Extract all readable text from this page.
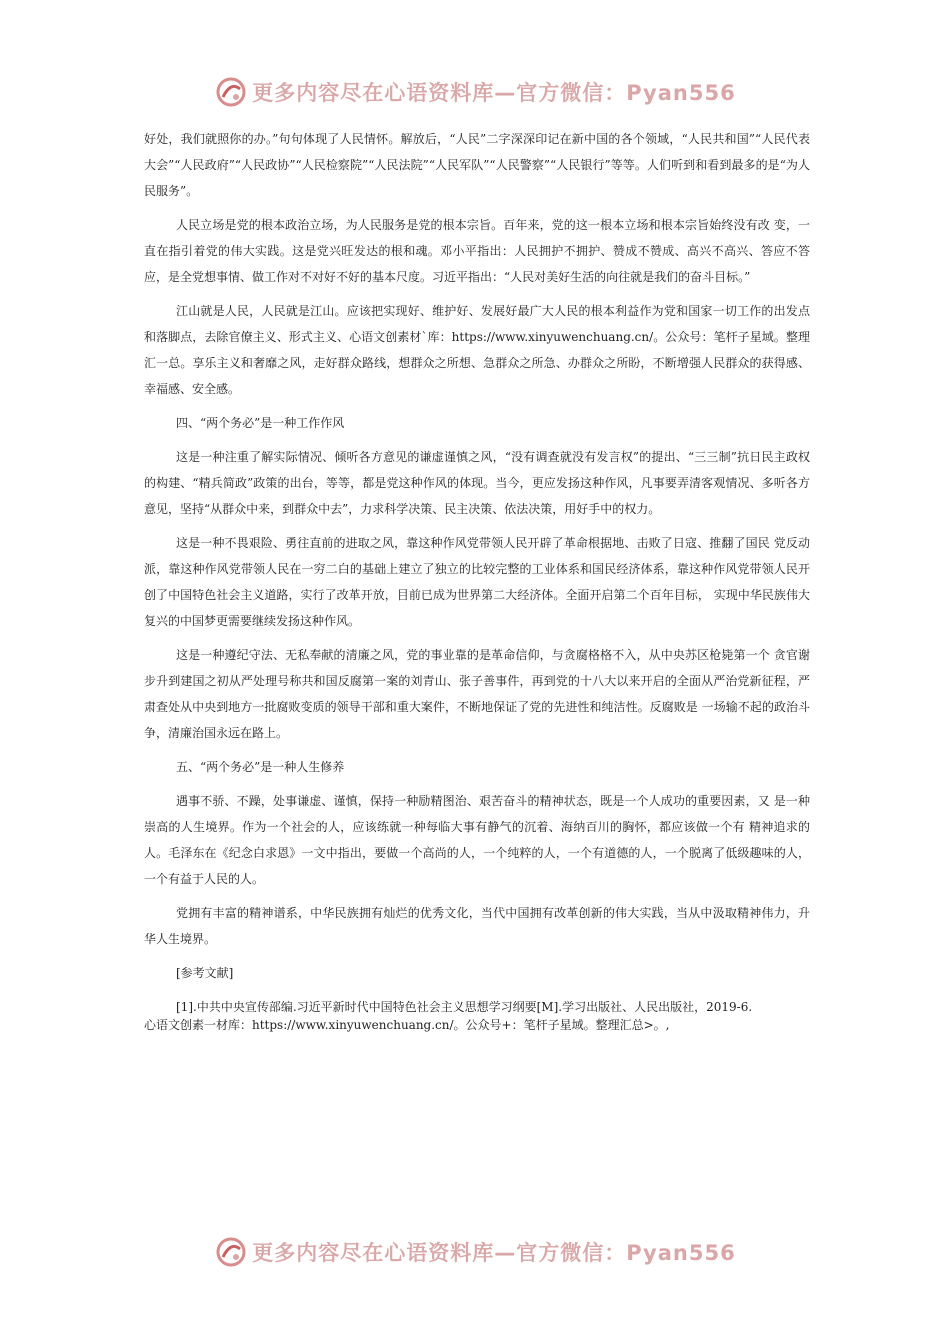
更多内容尽在心语资料库—官方微信：Pyan556

好处，我们就照你的办。”句句体现了人民情怀。解放后，“人民”二字深深印记在新中国的各个领域，“人民共和国”“人民代表大会”“人民政府”“人民政协”“人民检察院”“人民法院”“人民军队”“人民警察”“人民银行”等等。人们听到和看到最多的是“为人民服务”。

人民立场是党的根本政治立场，为人民服务是党的根本宗旨。百年来，党的这一根本立场和根本宗旨始终没有改 变，一直在指引着党的伟大实践。这是党兴旺发达的根和魂。邓小平指出：人民拥护不拥护、赞成不赞成、高兴不高兴、答应不答应，是全党想事情、做工作对不对好不好的基本尺度。习近平指出：“人民对美好生活的向往就是我们的奋斗目标。”

江山就是人民，人民就是江山。应该把实现好、维护好、发展好最广大人民的根本利益作为党和国家一切工作的出发点和落脚点，去除官僚主义、形式主义、心语文创素材`库：https://www.xinyuwenchuang.cn/。公众号：笔杆子星域。整理汇一总。享乐主义和奢靡之风，走好群众路线，想群众之所想、急群众之所急、办群众之所盼，不断增强人民群众的获得感、幸福感、安全感。

四、“两个务必”是一种工作作风

这是一种注重了解实际情况、倾听各方意见的谦虚谨慎之风，“没有调查就没有发言权”的提出、“三三制”抗日民主政权的构建、“精兵简政”政策的出台，等等，都是党这种作风的体现。当今，更应发扬这种作风，凡事要弄清客观情况、多听各方意见，坚持“从群众中来，到群众中去”，力求科学决策、民主决策、依法决策，用好手中的权力。

这是一种不畏艰险、勇往直前的进取之风，靠这种作风党带领人民开辟了革命根据地、击败了日寇、推翻了国民 党反动派，靠这种作风党带领人民在一穷二白的基础上建立了独立的比较完整的工业体系和国民经济体系，靠这种作风党带领人民开创了中国特色社会主义道路，实行了改革开放，目前已成为世界第二大经济体。全面开启第二个百年目标， 实现中华民族伟大复兴的中国梦更需要继续发扬这种作风。

这是一种遵纪守法、无私奉献的清廉之风，党的事业靠的是革命信仰，与贪腐格格不入，从中央苏区枪毙第一个 贪官谢步升到建国之初从严处理号称共和国反腐第一案的刘青山、张子善事件，再到党的十八大以来开启的全面从严治党新征程，严肃查处从中央到地方一批腐败变质的领导干部和重大案件，不断地保证了党的先进性和纯洁性。反腐败是 一场输不起的政治斗争，清廉治国永远在路上。

五、“两个务必”是一种人生修养

遇事不骄、不躁，处事谦虚、谨慎，保持一种励精图治、艰苦奋斗的精神状态，既是一个人成功的重要因素，又 是一种崇高的人生境界。作为一个社会的人，应该练就一种每临大事有静气的沉着、海纳百川的胸怀，都应该做一个有 精神追求的人。毛泽东在《纪念白求恩》一文中指出，要做一个高尚的人，一个纯粹的人，一个有道德的人，一个脱离了低级趣味的人，一个有益于人民的人。

党拥有丰富的精神谱系，中华民族拥有灿烂的优秀文化，当代中国拥有改革创新的伟大实践，当从中汲取精神伟力，升华人生境界。

[参考文献]

[1].中共中央宣传部编.习近平新时代中国特色社会主义思想学习纲要[M].学习出版社、人民出版社，2019-6.

心语文创素一材库：https://www.xinyuwenchuang.cn/。公众号+：笔杆子星域。整理汇总>。,

更多内容尽在心语资料库—官方微信：Pyan556
